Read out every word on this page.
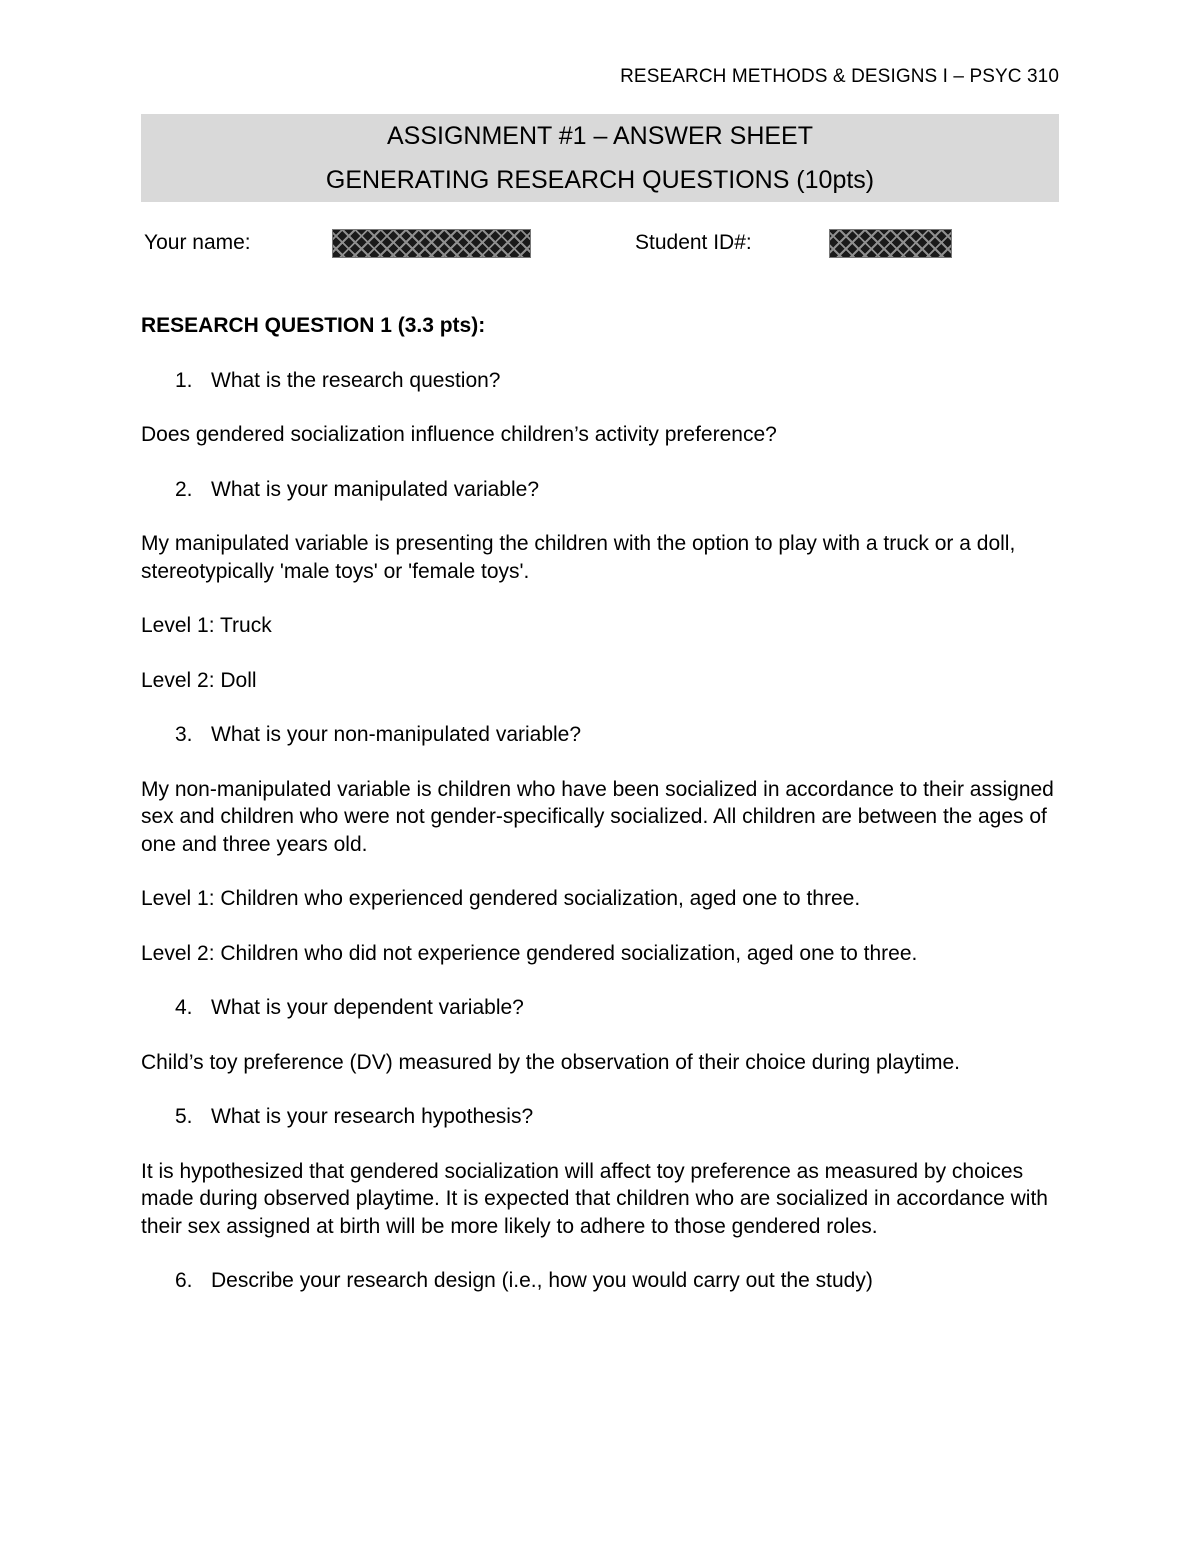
RESEARCH METHODS & DESIGNS I – PSYC 310
ASSIGNMENT #1 – ANSWER SHEET
GENERATING RESEARCH QUESTIONS (10pts)
Your name:	Student ID#:

RESEARCH QUESTION 1 (3.3 pts):

1. What is the research question?

Does gendered socialization influence children’s activity preference?

2. What is your manipulated variable?

My manipulated variable is presenting the children with the option to play with a truck or a doll, stereotypically 'male toys' or 'female toys'.

Level 1: Truck

Level 2: Doll

3. What is your non-manipulated variable?

My non-manipulated variable is children who have been socialized in accordance to their assigned sex and children who were not gender-specifically socialized. All children are between the ages of one and three years old.

Level 1: Children who experienced gendered socialization, aged one to three.

Level 2: Children who did not experience gendered socialization, aged one to three.

4. What is your dependent variable?

Child’s toy preference (DV) measured by the observation of their choice during playtime.

5. What is your research hypothesis?

It is hypothesized that gendered socialization will affect toy preference as measured by choices made during observed playtime. It is expected that children who are socialized in accordance with their sex assigned at birth will be more likely to adhere to those gendered roles.

6. Describe your research design (i.e., how you would carry out the study)
